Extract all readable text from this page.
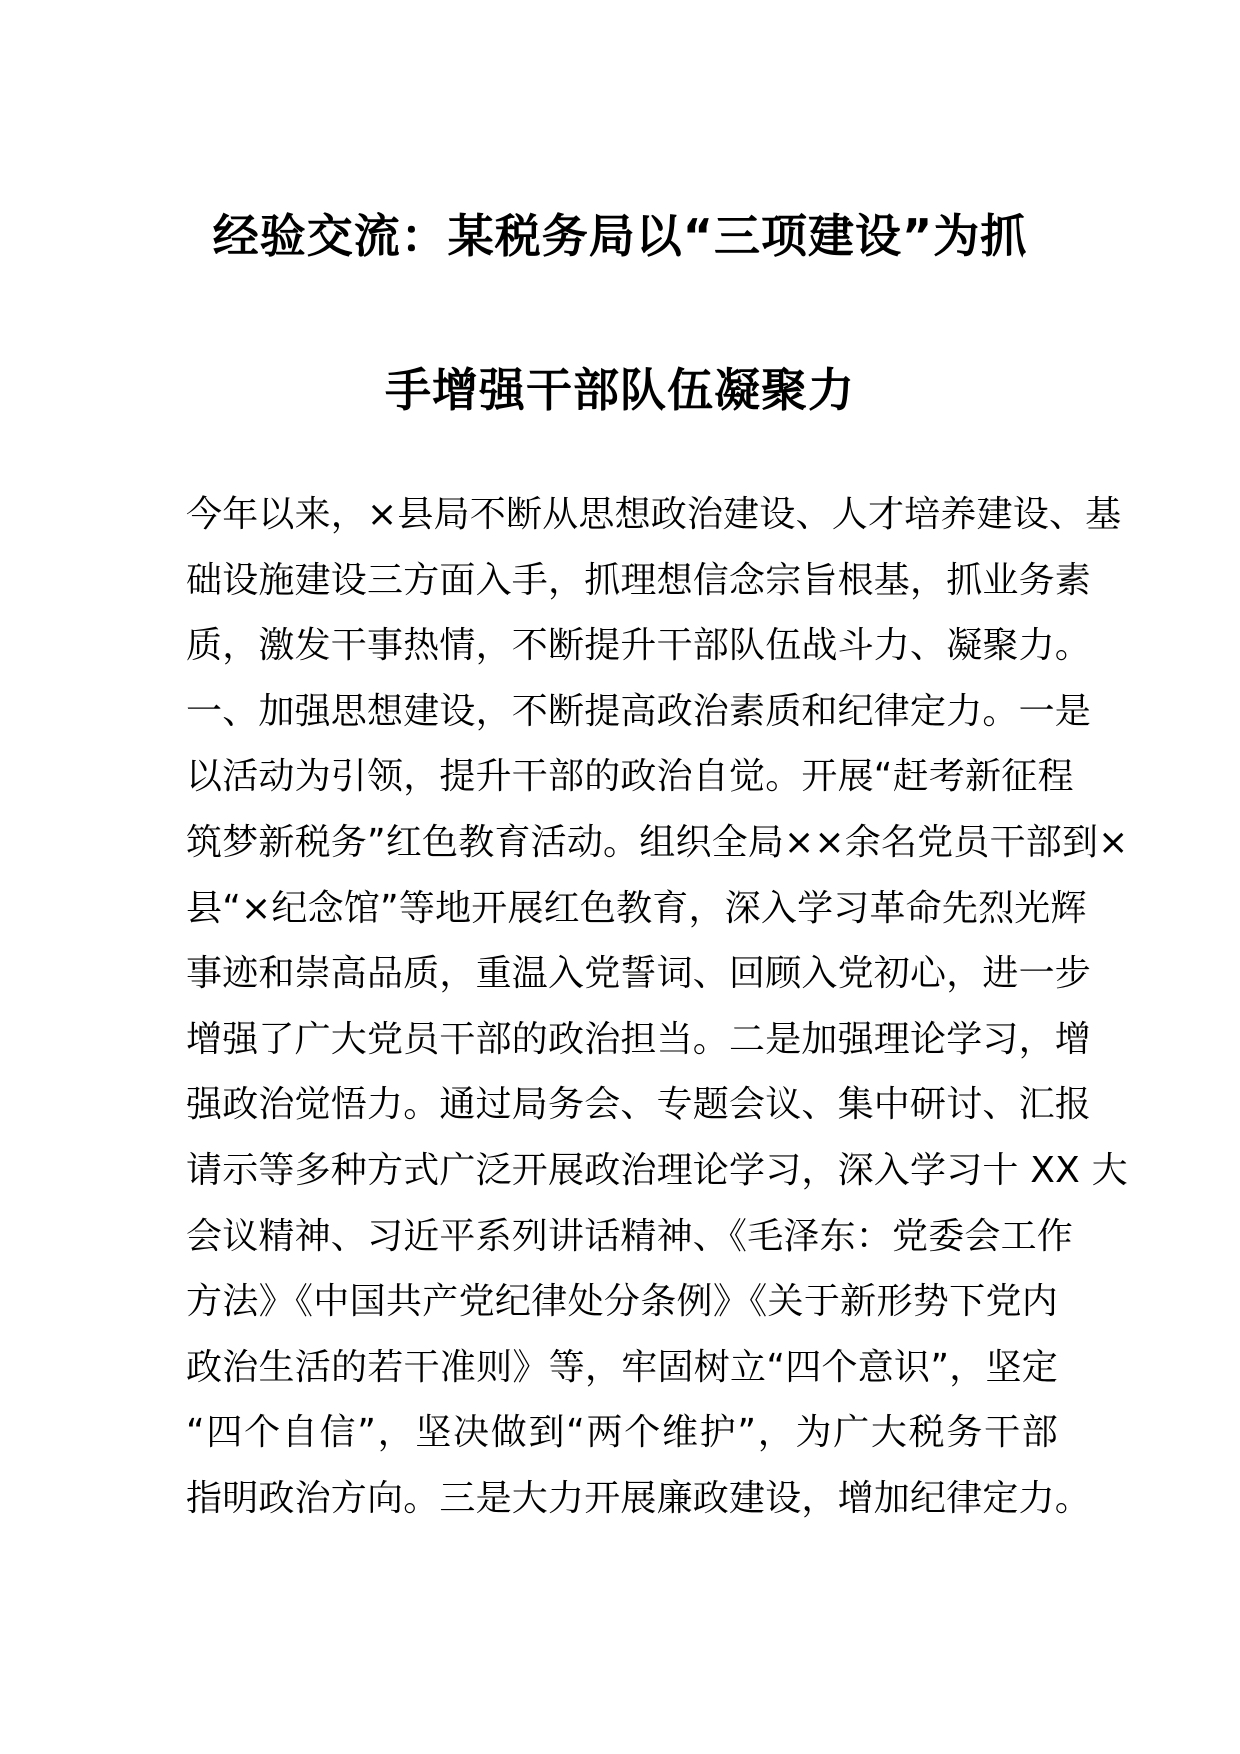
经验交流：某税务局以“三项建设”为抓
手增强干部队伍凝聚力
今年以来，×县局不断从思想政治建设、人才培养建设、基
础设施建设三方面入手，抓理想信念宗旨根基，抓业务素
质，激发干事热情，不断提升干部队伍战斗力、凝聚力。
一、加强思想建设，不断提高政治素质和纪律定力。一是
以活动为引领，提升干部的政治自觉。开展“赶考新征程
筑梦新税务”红色教育活动。组织全局××余名党员干部到×
县“×纪念馆”等地开展红色教育，深入学习革命先烈光辉
事迹和崇高品质，重温入党誓词、回顾入党初心，进一步
增强了广大党员干部的政治担当。二是加强理论学习，增
强政治觉悟力。通过局务会、专题会议、集中研讨、汇报
请示等多种方式广泛开展政治理论学习，深入学习十 XX 大
会议精神、习近平系列讲话精神、《毛泽东：党委会工作
方法》《中国共产党纪律处分条例》《关于新形势下党内
政治生活的若干准则》等，牢固树立“四个意识”，坚定
“四个自信”，坚决做到“两个维护”，为广大税务干部
指明政治方向。三是大力开展廉政建设，增加纪律定力。
